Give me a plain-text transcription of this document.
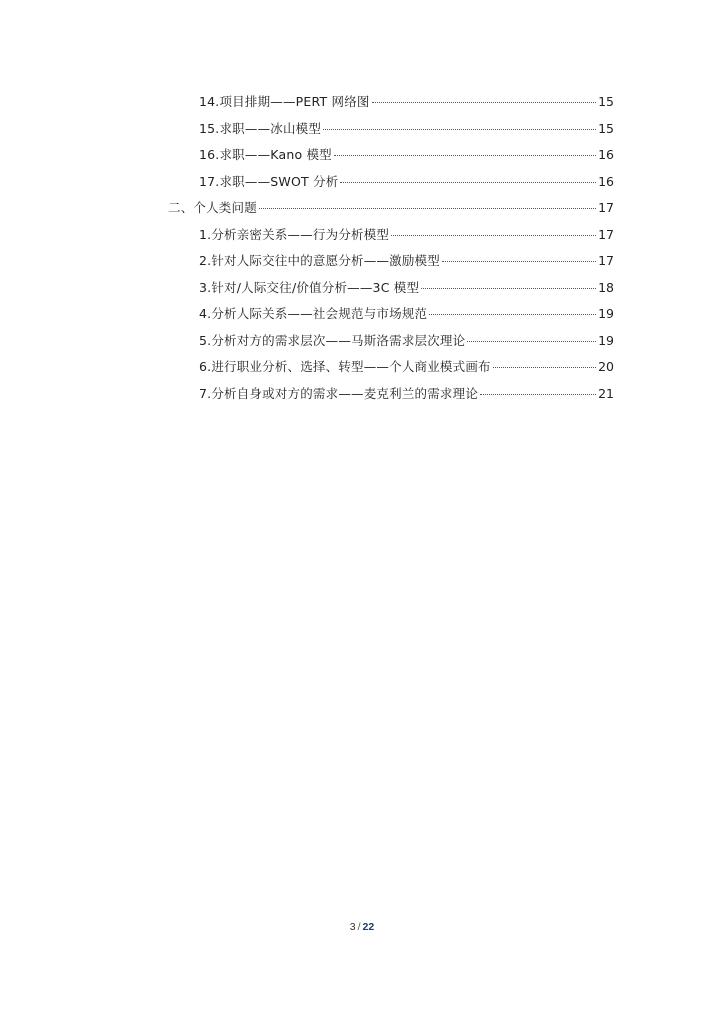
14.项目排期——PERT 网络图	15
15.求职——冰山模型	15
16.求职——Kano 模型	16
17.求职——SWOT 分析	16
二、个人类问题	17
1.分析亲密关系——行为分析模型	17
2.针对人际交往中的意愿分析——激励模型	17
3.针对/人际交往/价值分析——3C 模型	18
4.分析人际关系——社会规范与市场规范	19
5.分析对方的需求层次——马斯洛需求层次理论	19
6.进行职业分析、选择、转型——个人商业模式画布	20
7.分析自身或对方的需求——麦克利兰的需求理论	21
3 / 22
